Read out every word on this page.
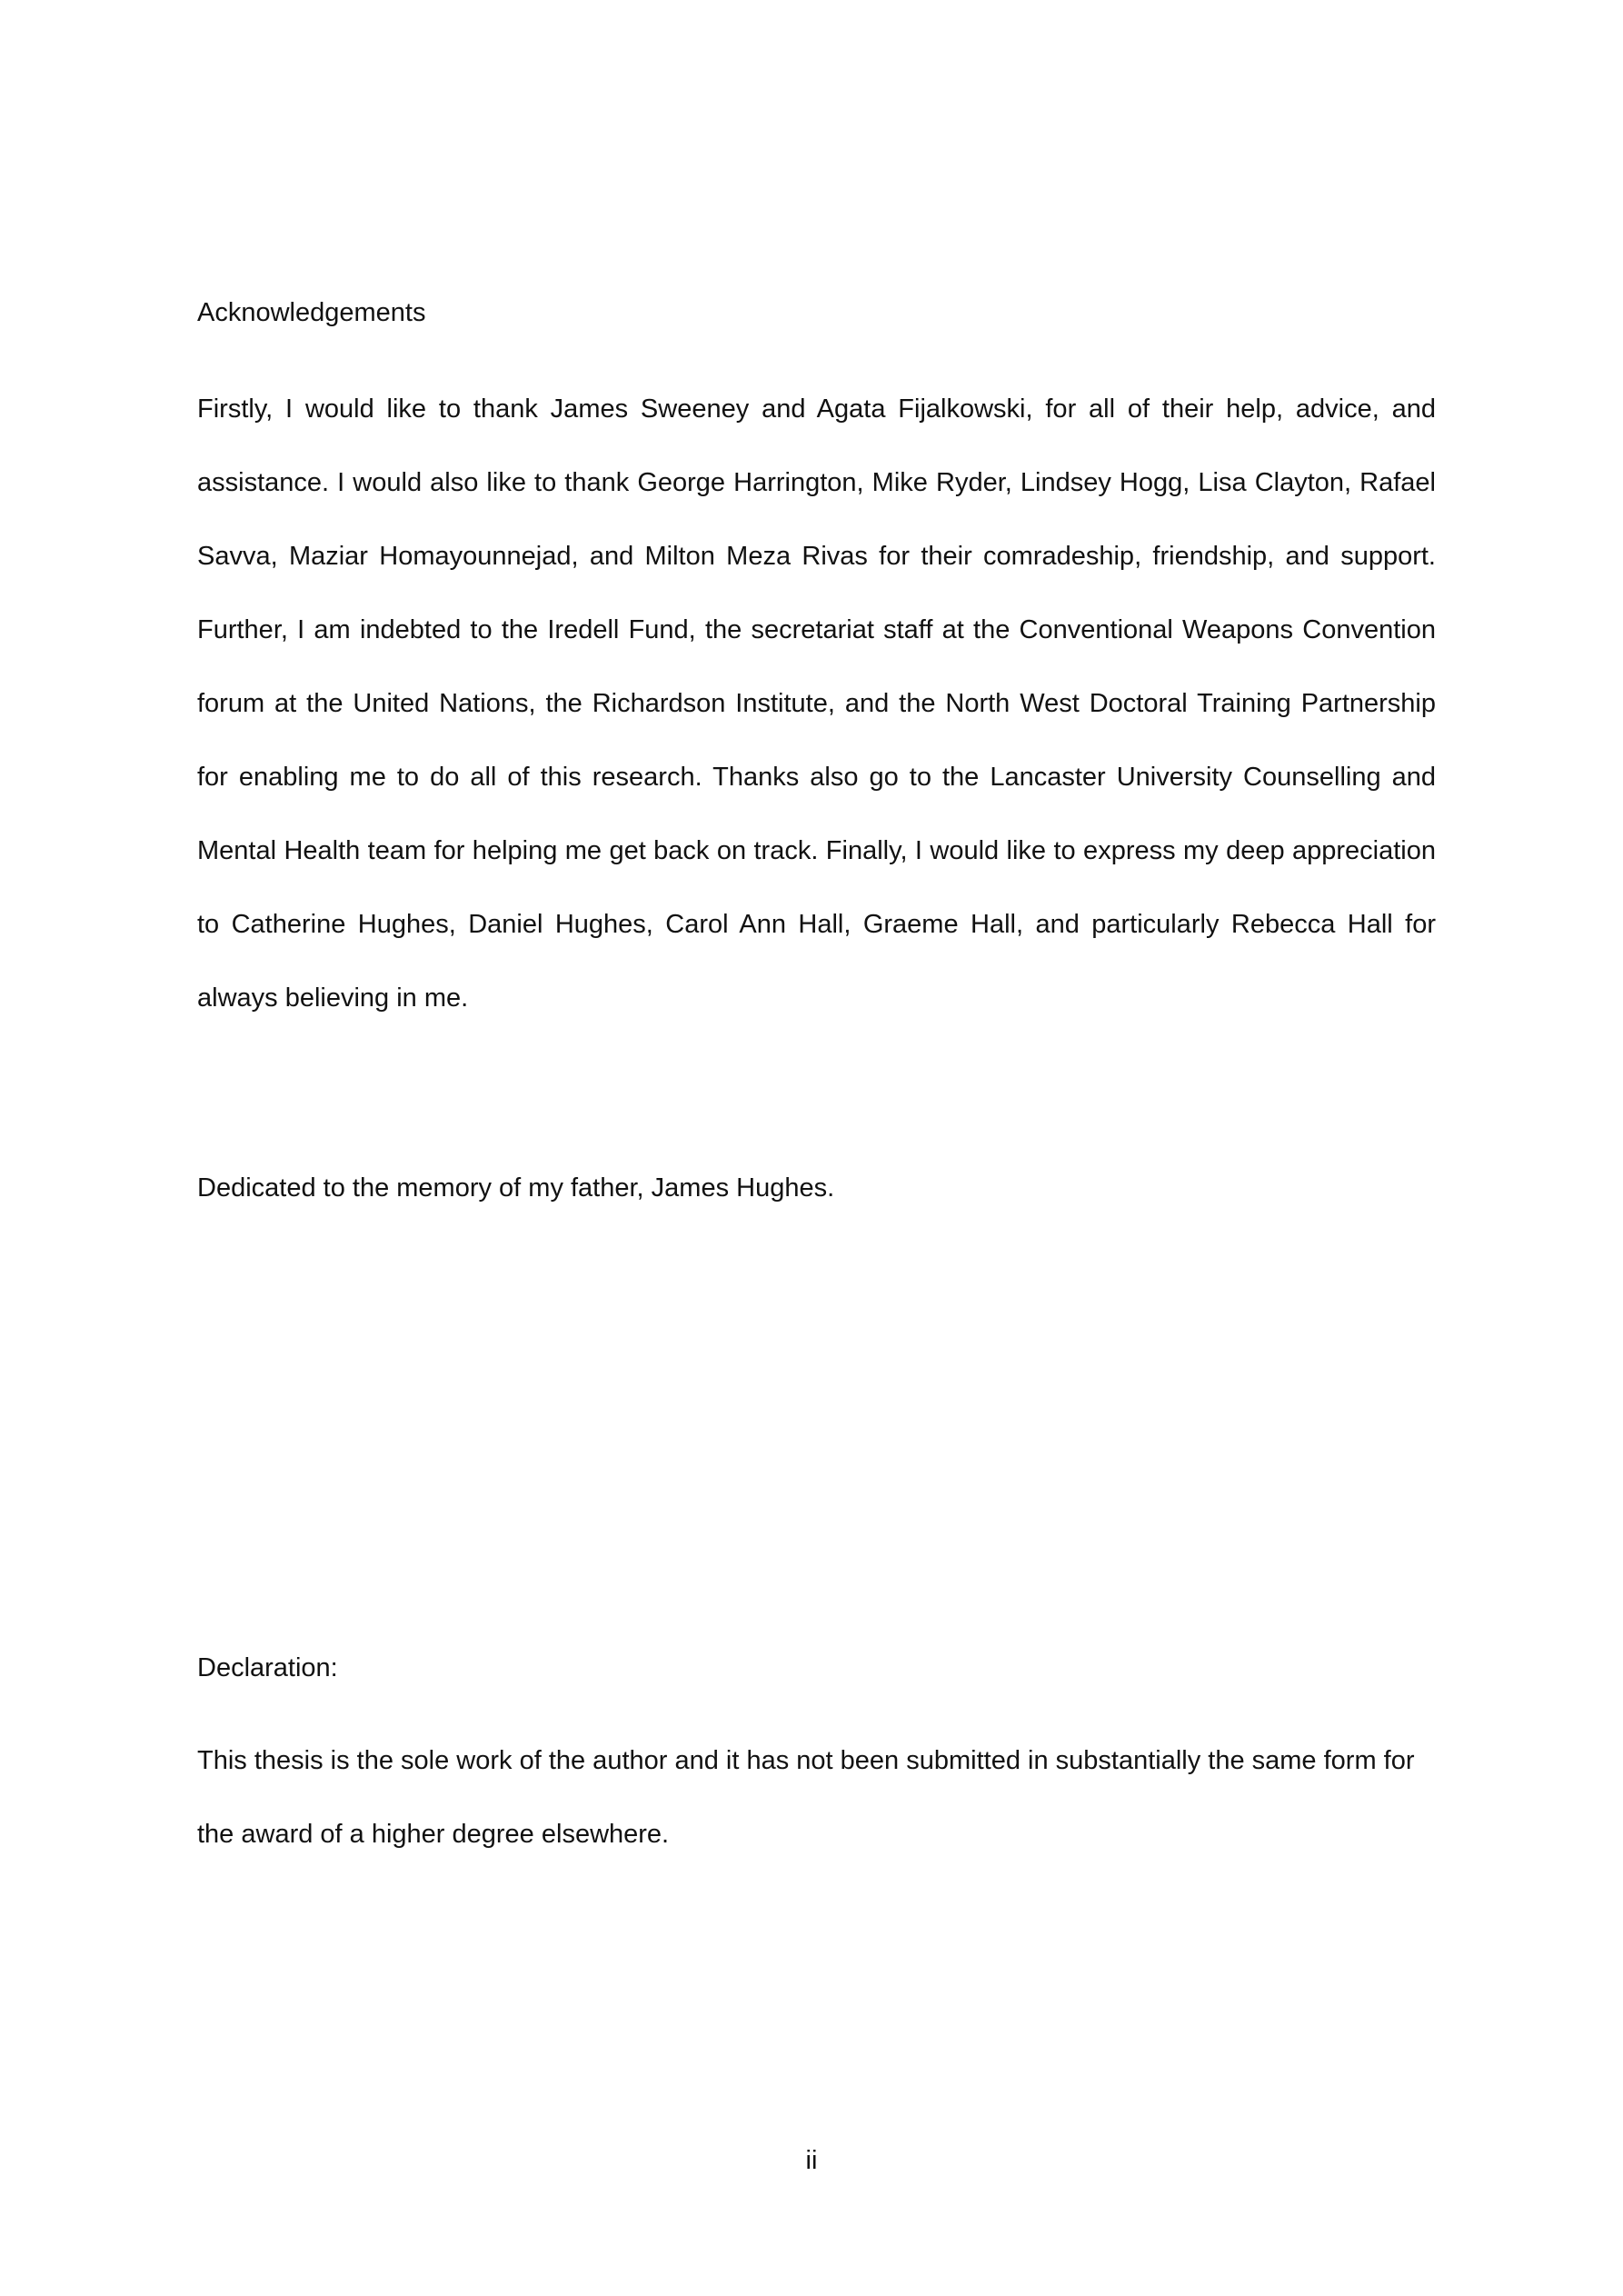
Acknowledgements
Firstly, I would like to thank James Sweeney and Agata Fijalkowski, for all of their help, advice, and assistance. I would also like to thank George Harrington, Mike Ryder, Lindsey Hogg, Lisa Clayton, Rafael Savva, Maziar Homayounnejad, and Milton Meza Rivas for their comradeship, friendship, and support. Further, I am indebted to the Iredell Fund, the secretariat staff at the Conventional Weapons Convention forum at the United Nations, the Richardson Institute, and the North West Doctoral Training Partnership for enabling me to do all of this research. Thanks also go to the Lancaster University Counselling and Mental Health team for helping me get back on track. Finally, I would like to express my deep appreciation to Catherine Hughes, Daniel Hughes, Carol Ann Hall, Graeme Hall, and particularly Rebecca Hall for always believing in me.
Dedicated to the memory of my father, James Hughes.
Declaration:
This thesis is the sole work of the author and it has not been submitted in substantially the same form for the award of a higher degree elsewhere.
ii
